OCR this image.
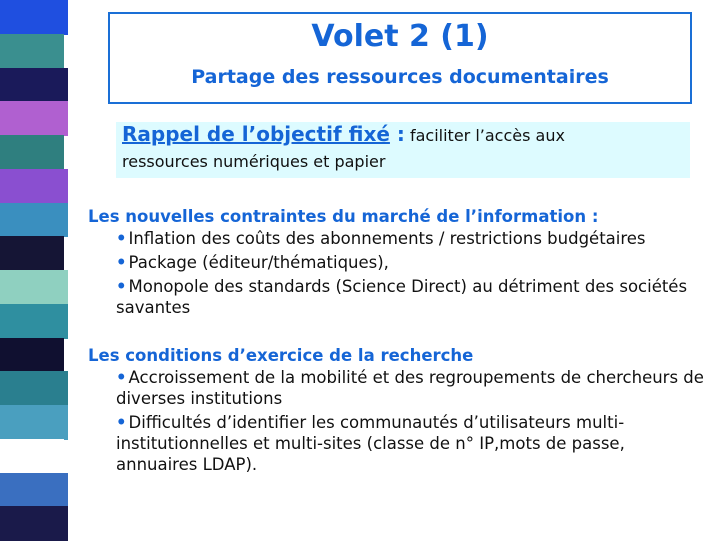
Volet 2 (1)
Partage des ressources documentaires
Rappel de l’objectif fixé : faciliter l’accès aux
ressources numériques et papier
Les nouvelles contraintes du marché de l’information :
• Inflation des coûts des abonnements / restrictions budgétaires
• Package (éditeur/thématiques),
• Monopole des standards (Science Direct) au détriment des sociétés savantes
Les conditions d’exercice de la recherche
• Accroissement de la mobilité et des regroupements de chercheurs de diverses institutions
• Difficultés d’identifier les communautés d’utilisateurs multi-institutionnelles et multi-sites (classe de n° IP,mots de passe, annuaires LDAP).
